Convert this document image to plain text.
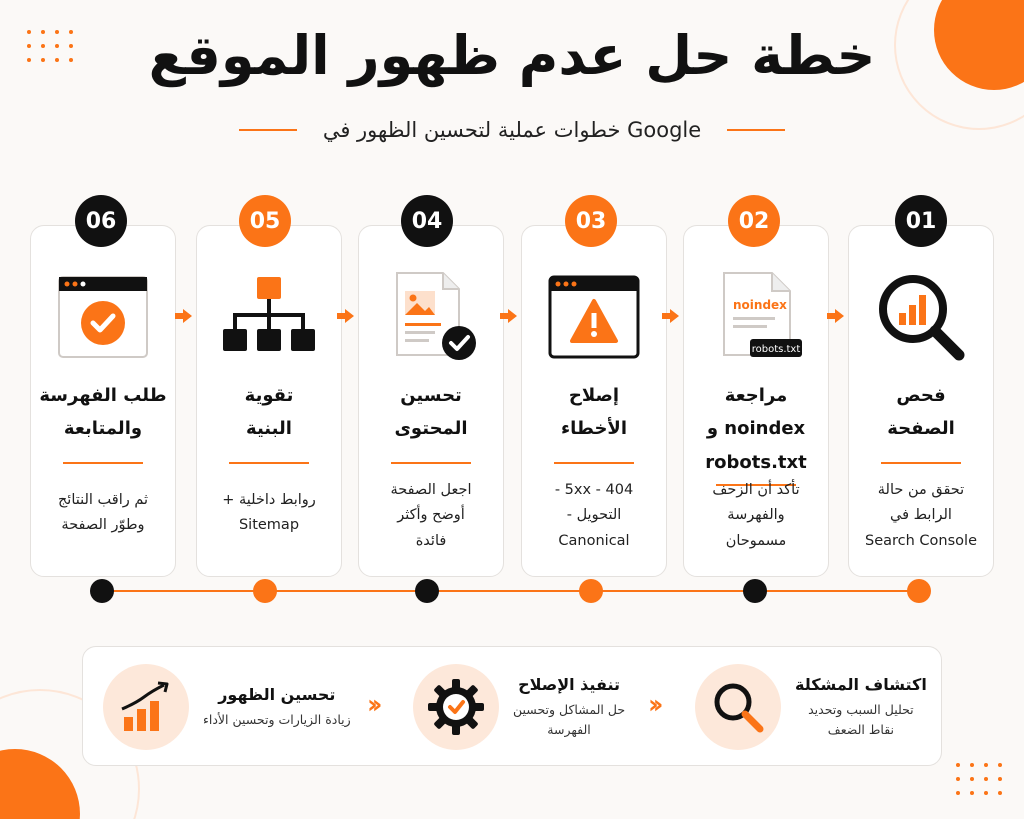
خطة حل عدم ظهور الموقع
خطوات عملية لتحسين الظهور في Google
فحص
الصفحة
تحقق من حالة
الرابط في
Search Console
01
noindex
robots.txt
مراجعة
noindex و
robots.txt
تأكد أن الزحف
والفهرسة
مسموحان
02
إصلاح
الأخطاء
404 - 5xx -
التحويل -
Canonical
03
تحسين
المحتوى
اجعل الصفحة
أوضح وأكثر
فائدة
04
تقوية
البنية
روابط داخلية +
Sitemap
05
طلب الفهرسة
والمتابعة
ثم راقب النتائج
وطوّر الصفحة
06
تحسين الظهور
زيادة الزيارات وتحسين الأداء
تنفيذ الإصلاح
حل المشاكل وتحسين
الفهرسة
اكتشاف المشكلة
تحليل السبب وتحديد
نقاط الضعف
››	››
